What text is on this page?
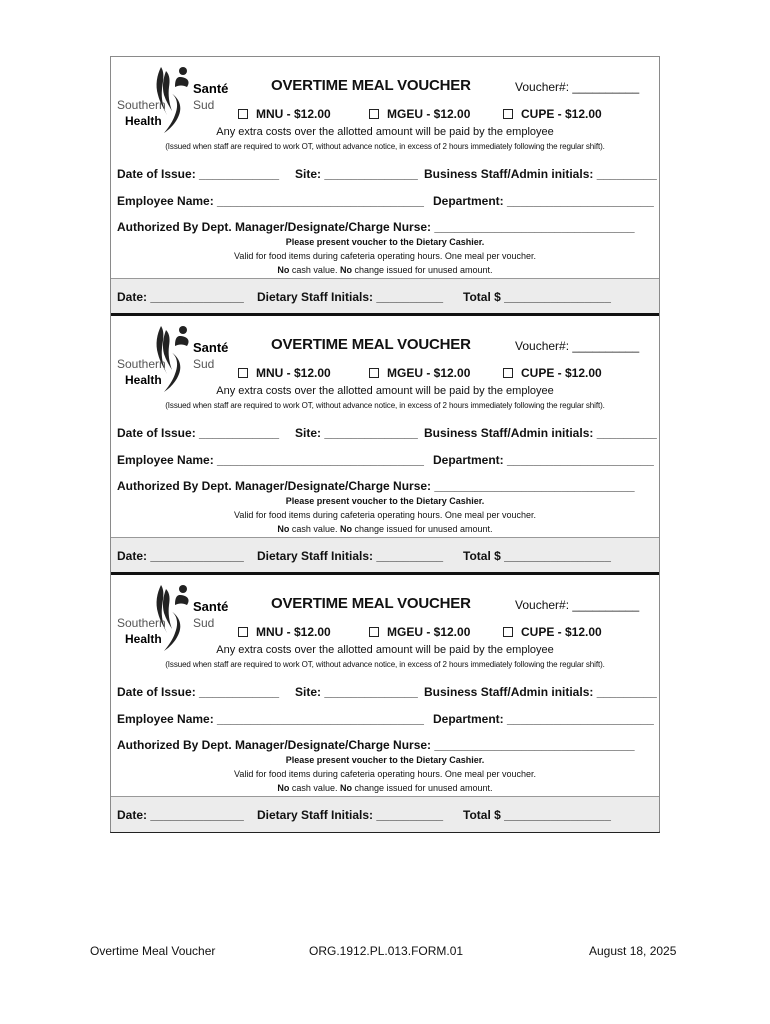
Santé
Sud
Southern
Health
OVERTIME MEAL VOUCHER	Voucher#: __________
MNU - $12.00	MGEU - $12.00	CUPE - $12.00
Any extra costs over the allotted amount will be paid by the employee
(Issued when staff are required to work OT, without advance notice, in excess of 2 hours immediately following the regular shift).
Date of Issue: ____________ Site: ______________ Business Staff/Admin initials: _________
Employee Name: _______________________________ Department: ______________________
Authorized By Dept. Manager/Designate/Charge Nurse: ______________________________
Please present voucher to the Dietary Cashier.
Valid for food items during cafeteria operating hours. One meal per voucher.
No cash value. No change issued for unused amount.
Date: ______________ Dietary Staff Initials: __________ Total $ ________________
Santé
Sud
Southern
Health
OVERTIME MEAL VOUCHER	Voucher#: __________
MNU - $12.00	MGEU - $12.00	CUPE - $12.00
Any extra costs over the allotted amount will be paid by the employee
(Issued when staff are required to work OT, without advance notice, in excess of 2 hours immediately following the regular shift).
Date of Issue: ____________ Site: ______________ Business Staff/Admin initials: _________
Employee Name: _______________________________ Department: ______________________
Authorized By Dept. Manager/Designate/Charge Nurse: ______________________________
Please present voucher to the Dietary Cashier.
Valid for food items during cafeteria operating hours. One meal per voucher.
No cash value. No change issued for unused amount.
Date: ______________ Dietary Staff Initials: __________ Total $ ________________
Santé
Sud
Southern
Health
OVERTIME MEAL VOUCHER	Voucher#: __________
MNU - $12.00	MGEU - $12.00	CUPE - $12.00
Any extra costs over the allotted amount will be paid by the employee
(Issued when staff are required to work OT, without advance notice, in excess of 2 hours immediately following the regular shift).
Date of Issue: ____________ Site: ______________ Business Staff/Admin initials: _________
Employee Name: _______________________________ Department: ______________________
Authorized By Dept. Manager/Designate/Charge Nurse: ______________________________
Please present voucher to the Dietary Cashier.
Valid for food items during cafeteria operating hours. One meal per voucher.
No cash value. No change issued for unused amount.
Date: ______________ Dietary Staff Initials: __________ Total $ ________________
Overtime Meal Voucher	ORG.1912.PL.013.FORM.01	August 18, 2025
